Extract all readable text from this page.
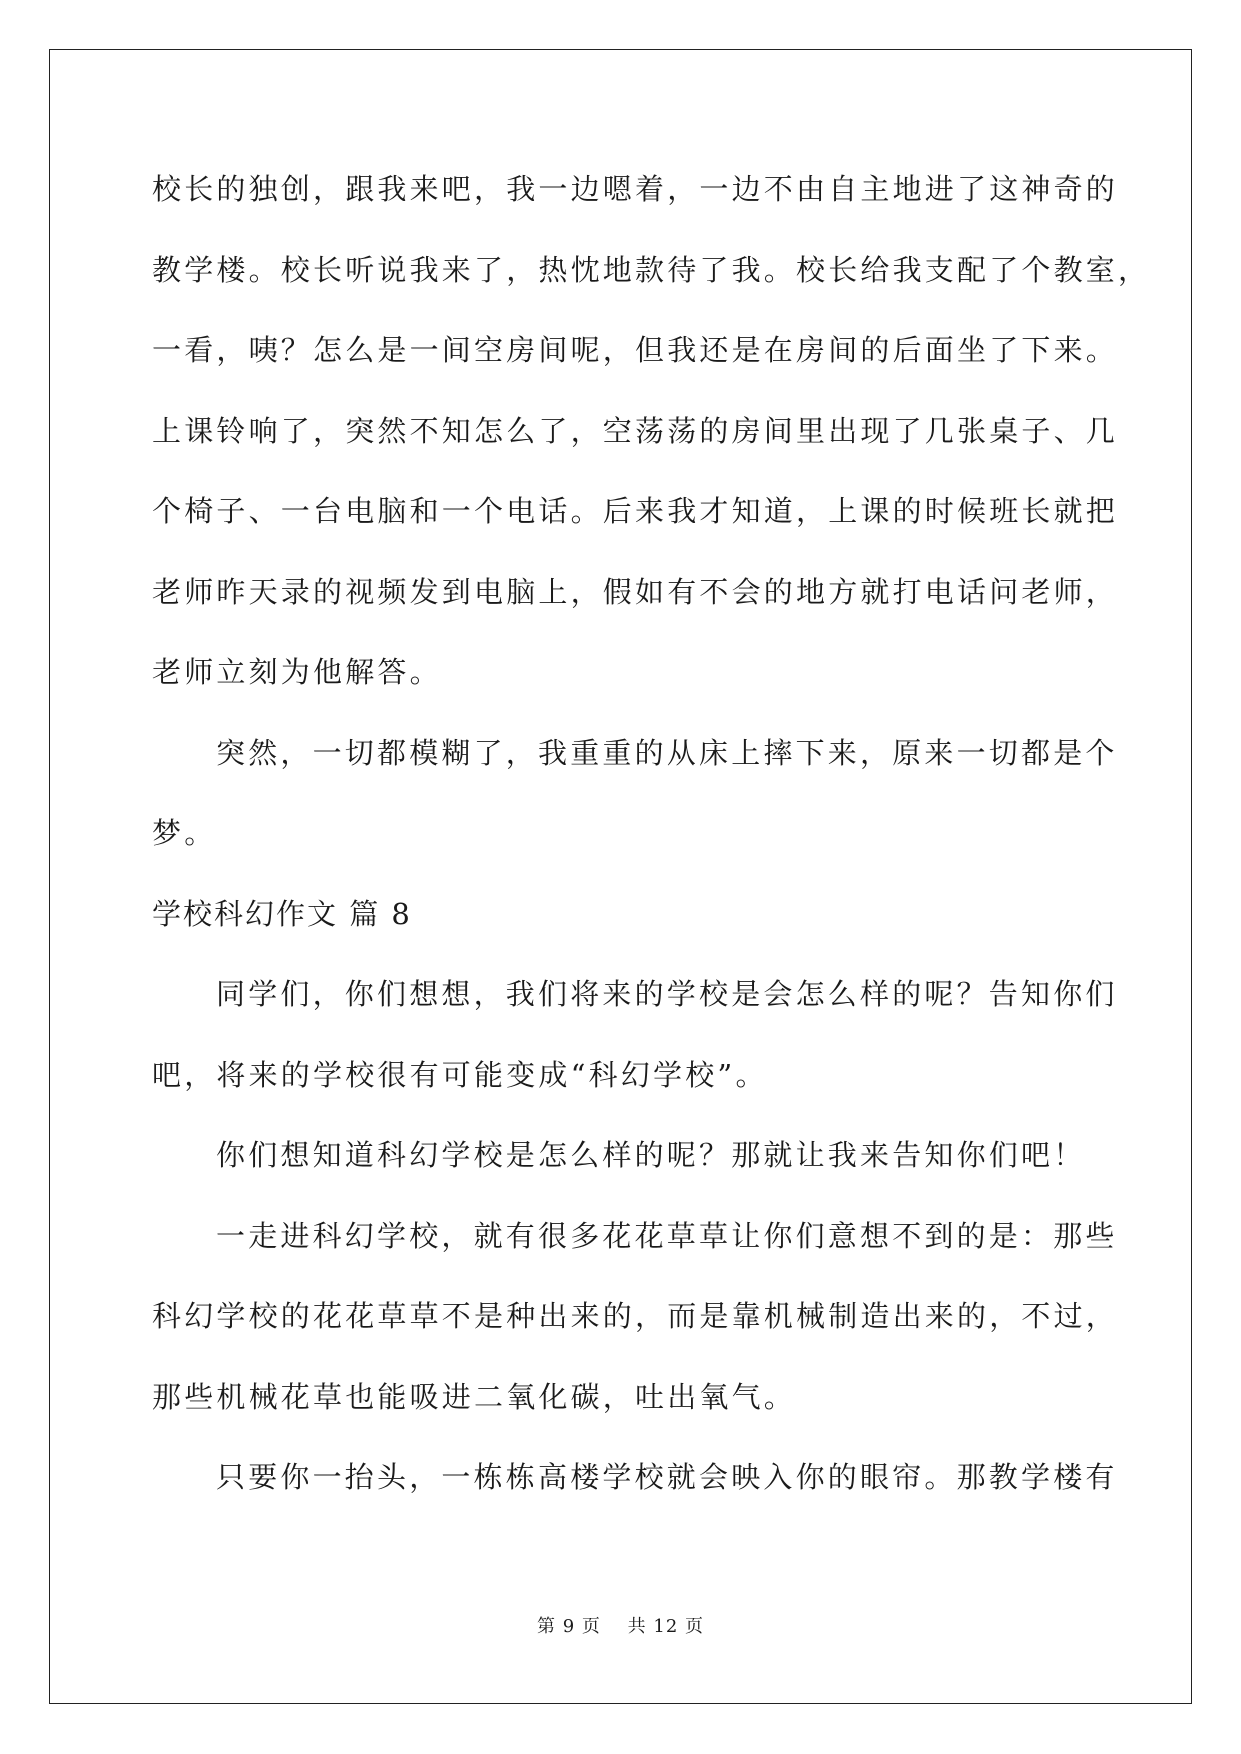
校长的独创，跟我来吧，我一边嗯着，一边不由自主地进了这神奇的
教学楼。校长听说我来了，热忱地款待了我。校长给我支配了个教室，
一看，咦？怎么是一间空房间呢，但我还是在房间的后面坐了下来。
上课铃响了，突然不知怎么了，空荡荡的房间里出现了几张桌子、几
个椅子、一台电脑和一个电话。后来我才知道，上课的时候班长就把
老师昨天录的视频发到电脑上，假如有不会的地方就打电话问老师，
老师立刻为他解答。
突然，一切都模糊了，我重重的从床上摔下来，原来一切都是个
梦。
学校科幻作文 篇 8
同学们，你们想想，我们将来的学校是会怎么样的呢？告知你们
吧，将来的学校很有可能变成“科幻学校”。
你们想知道科幻学校是怎么样的呢？那就让我来告知你们吧！
一走进科幻学校，就有很多花花草草让你们意想不到的是：那些
科幻学校的花花草草不是种出来的，而是靠机械制造出来的，不过，
那些机械花草也能吸进二氧化碳，吐出氧气。
只要你一抬头，一栋栋高楼学校就会映入你的眼帘。那教学楼有
第 9 页 共 12 页
